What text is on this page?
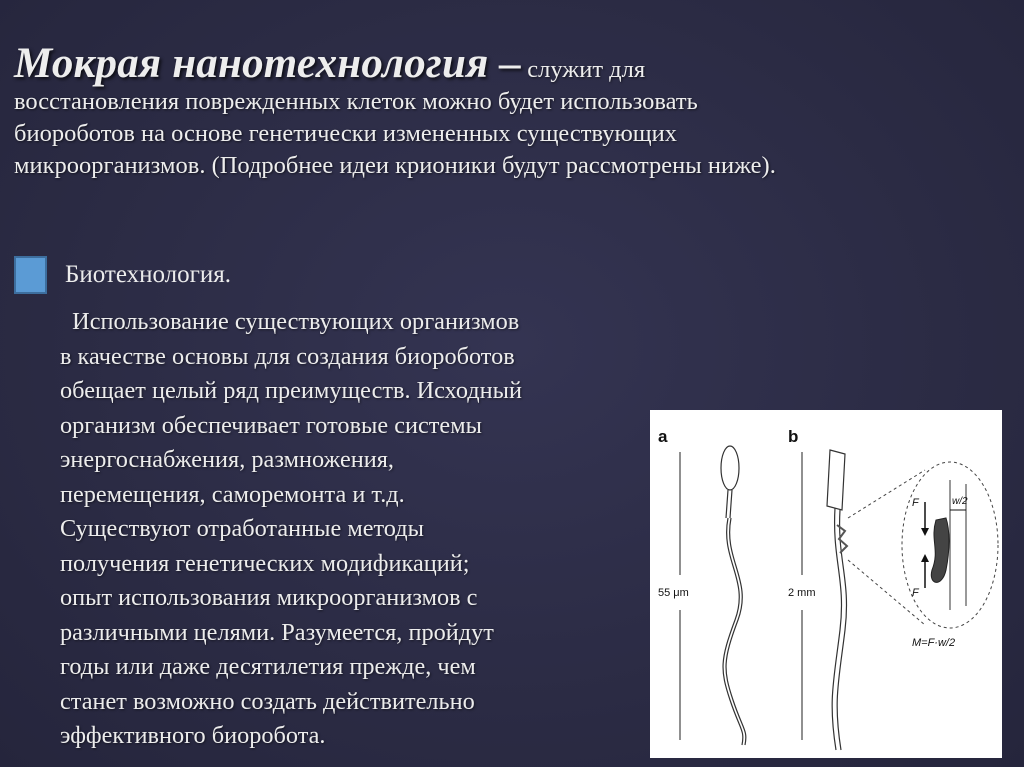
Мокрая нанотехнология – служит для
восстановления поврежденных клеток можно будет использовать
биороботов на основе генетически измененных существующих
микроорганизмов. (Подробнее идеи крионики будут рассмотрены ниже).
Биотехнология.
Использование существующих организмов
в качестве основы для создания биороботов
обещает целый ряд преимуществ. Исходный
организм обеспечивает готовые системы
энергоснабжения, размножения,
перемещения, саморемонта и т.д.
Существуют отработанные методы
получения генетических модификаций;
опыт использования микроорганизмов с
различными целями. Разумеется, пройдут
годы или даже десятилетия прежде, чем
станет возможно создать действительно
эффективного биоробота.
a	b
55 μm	2 mm
F
F
w/2
M=F·w/2
